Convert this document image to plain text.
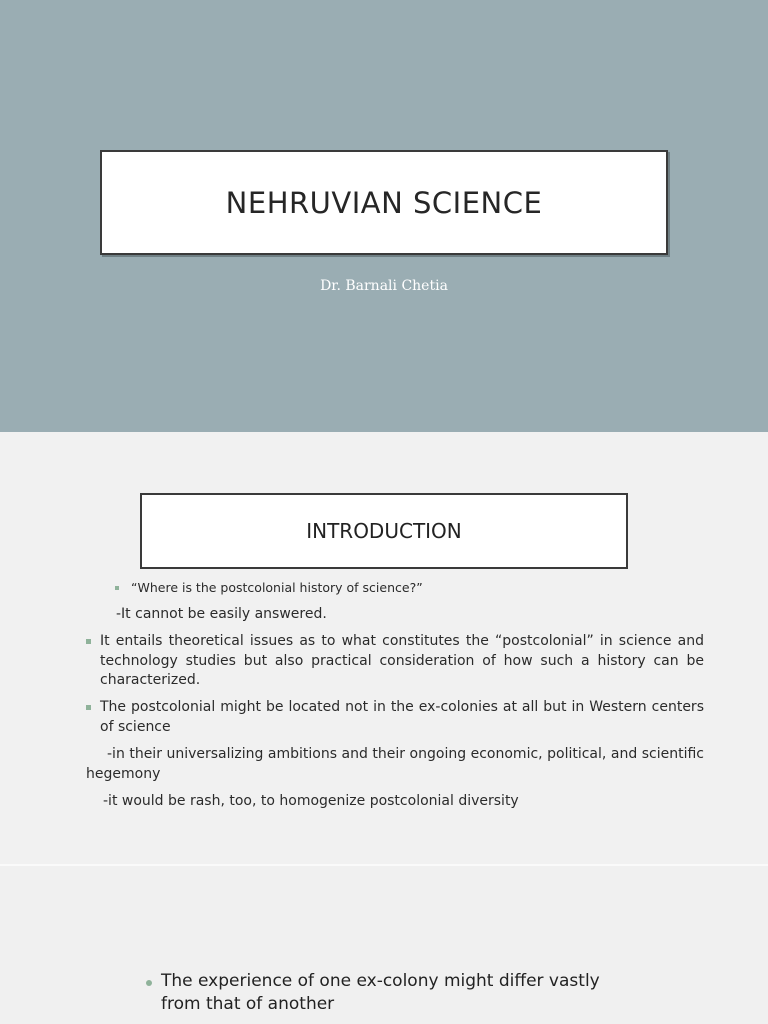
NEHRUVIAN SCIENCE
Dr. Barnali Chetia
INTRODUCTION
“Where is the postcolonial history of science?”
-It cannot be easily answered.
It entails theoretical issues as to what constitutes the “postcolonial” in science and technology studies but also practical consideration of how such a history can be characterized.
The postcolonial might be located not in the ex-colonies at all but in Western centers of science
-in their universalizing ambitions and their ongoing economic, political, and scientific hegemony
-it would be rash, too, to homogenize postcolonial diversity
The experience of one ex-colony might differ vastly from that of another
